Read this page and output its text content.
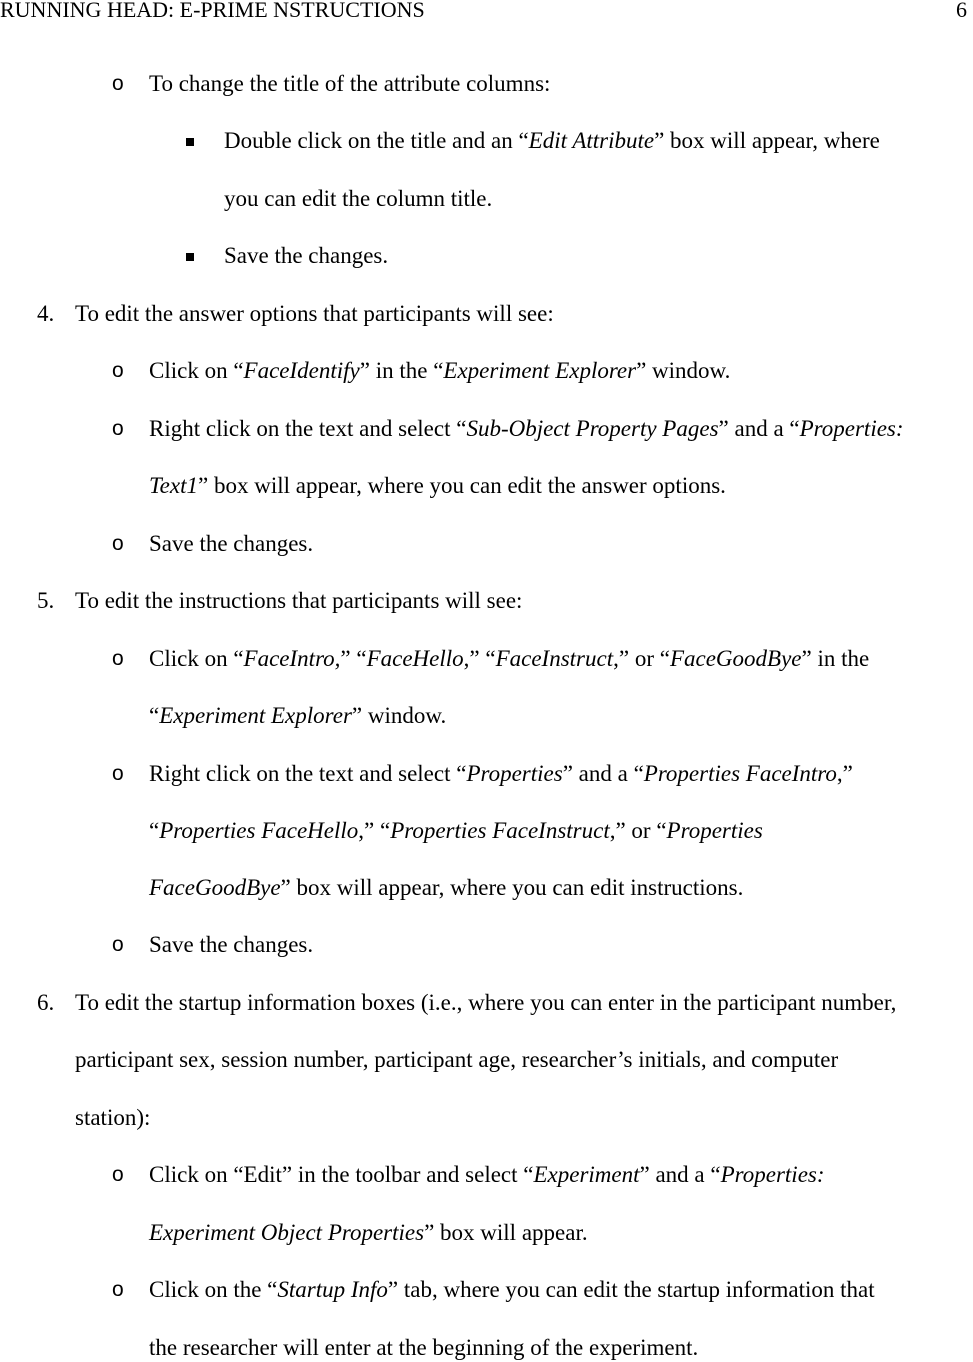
RUNNING HEAD: E-PRIME NSTRUCTIONS	6
o To change the title of the attribute columns:
Double click on the title and an “Edit Attribute” box will appear, where
you can edit the column title.
Save the changes.
4. To edit the answer options that participants will see:
o Click on “FaceIdentify” in the “Experiment Explorer” window.
o Right click on the text and select “Sub-Object Property Pages” and a “Properties:
Text1” box will appear, where you can edit the answer options.
o Save the changes.
5. To edit the instructions that participants will see:
o Click on “FaceIntro,” “FaceHello,” “FaceInstruct,” or “FaceGoodBye” in the
“Experiment Explorer” window.
o Right click on the text and select “Properties” and a “Properties FaceIntro,”
“Properties FaceHello,” “Properties FaceInstruct,” or “Properties
FaceGoodBye” box will appear, where you can edit instructions.
o Save the changes.
6. To edit the startup information boxes (i.e., where you can enter in the participant number,
participant sex, session number, participant age, researcher’s initials, and computer
station):
o Click on “Edit” in the toolbar and select “Experiment” and a “Properties:
Experiment Object Properties” box will appear.
o Click on the “Startup Info” tab, where you can edit the startup information that
the researcher will enter at the beginning of the experiment.
